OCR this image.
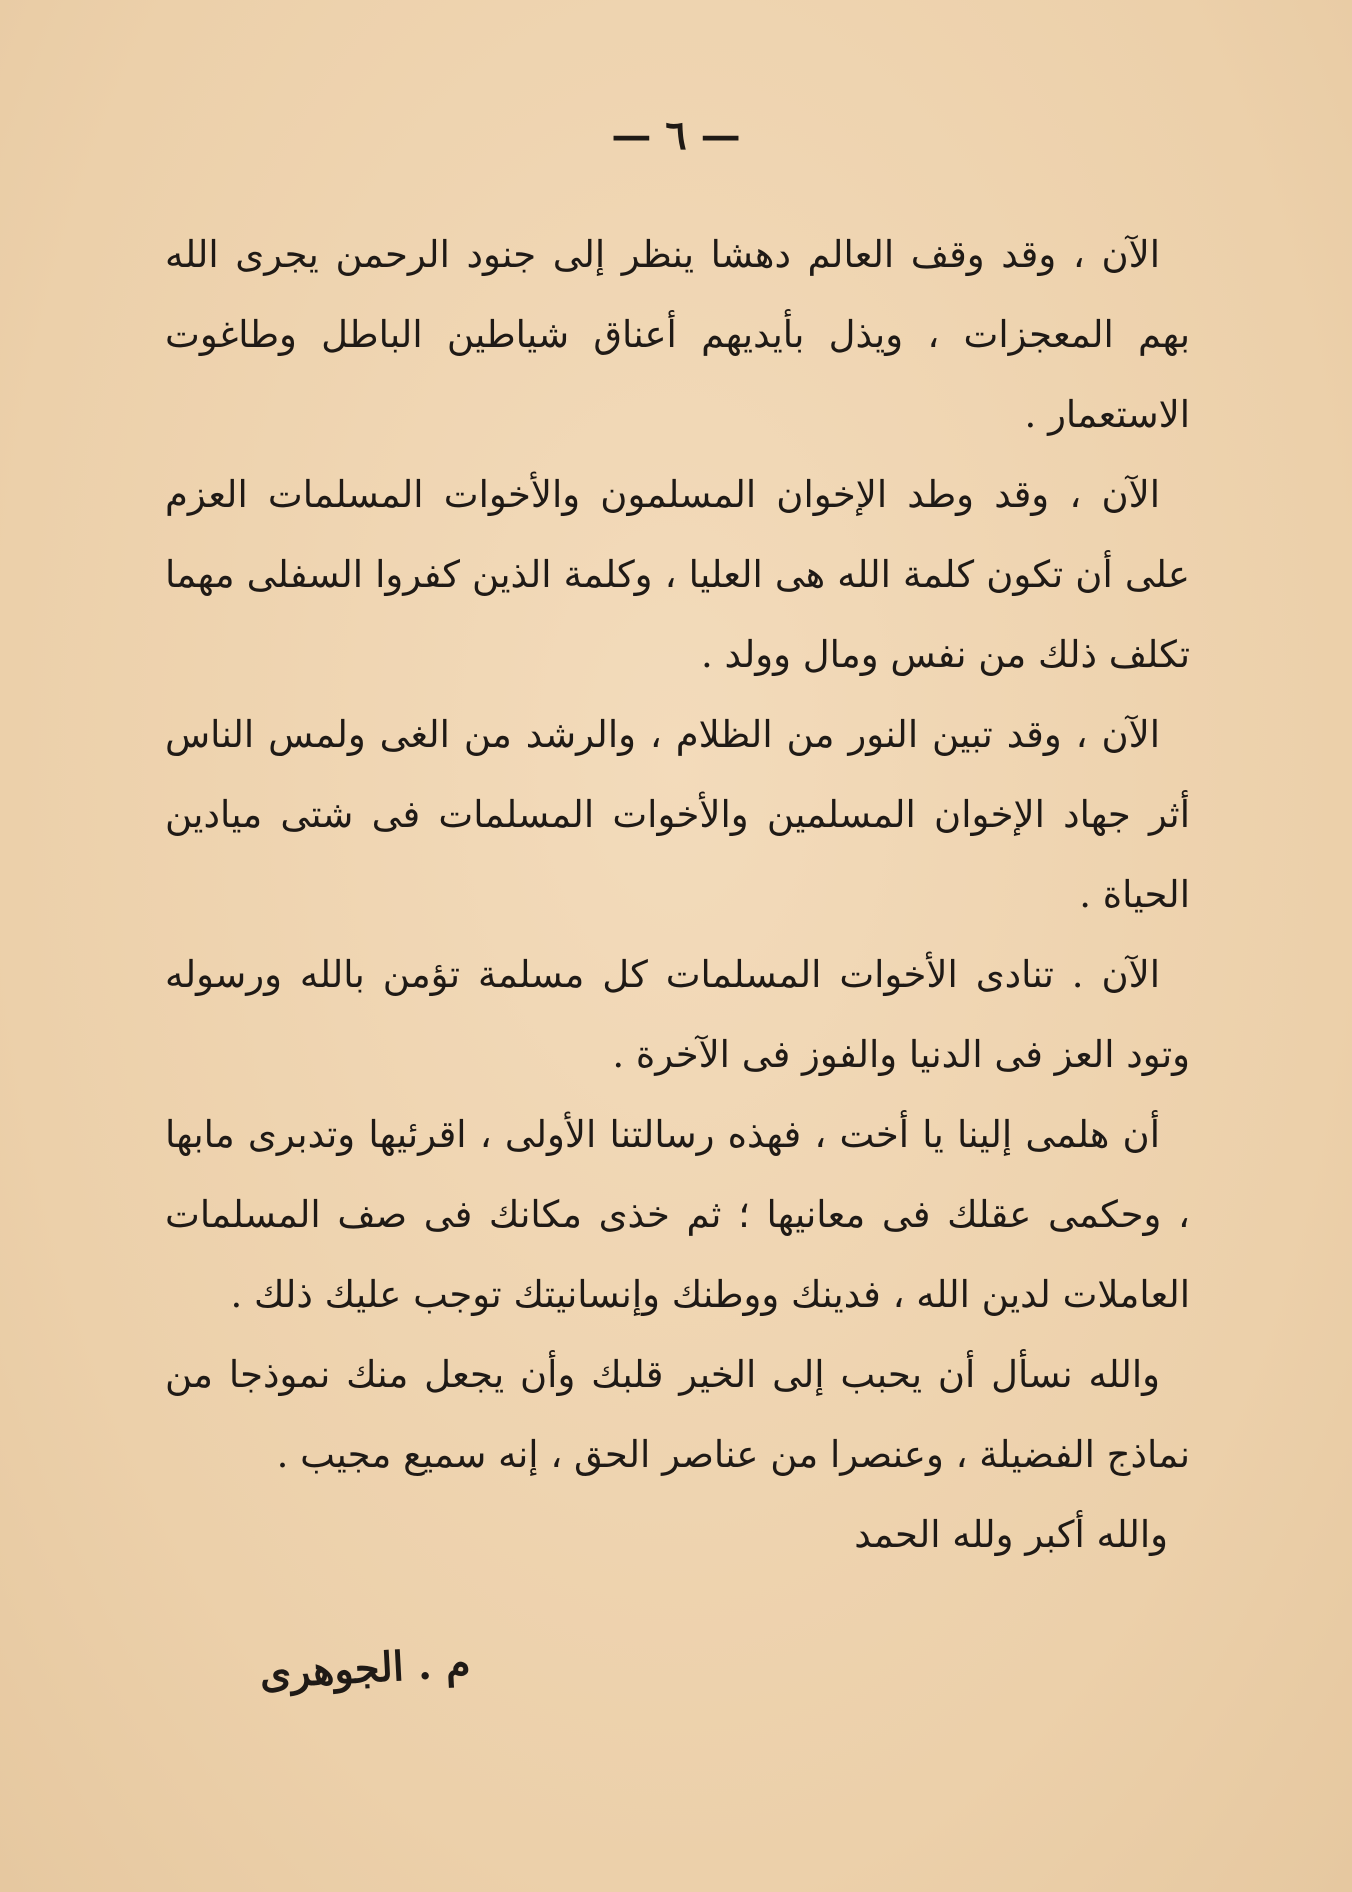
— ٦ —

الآن ، وقد وقف العالم دهشا ينظر إلى جنود الرحمن يجرى الله بهم المعجزات ، ويذل بأيديهم أعناق شياطين الباطل وطاغوت الاستعمار .

الآن ، وقد وطد الإخوان المسلمون والأخوات المسلمات العزم على أن تكون كلمة الله هى العليا ، وكلمة الذين كفروا السفلى مهما تكلف ذلك من نفس ومال وولد .

الآن ، وقد تبين النور من الظلام ، والرشد من الغى ولمس الناس أثر جهاد الإخوان المسلمين والأخوات المسلمات فى شتى ميادين الحياة .

الآن . تنادى الأخوات المسلمات كل مسلمة تؤمن بالله ورسوله وتود العز فى الدنيا والفوز فى الآخرة .

أن هلمى إلينا يا أخت ، فهذه رسالتنا الأولى ، اقرئيها وتدبرى مابها ، وحكمى عقلك فى معانيها ؛ ثم خذى مكانك فى صف المسلمات العاملات لدين الله ، فدينك ووطنك وإنسانيتك توجب عليك ذلك .

والله نسأل أن يحبب إلى الخير قلبك وأن يجعل منك نموذجا من نماذج الفضيلة ، وعنصرا من عناصر الحق ، إنه سميع مجيب .

والله أكبر ولله الحمد

م . الجوهرى
